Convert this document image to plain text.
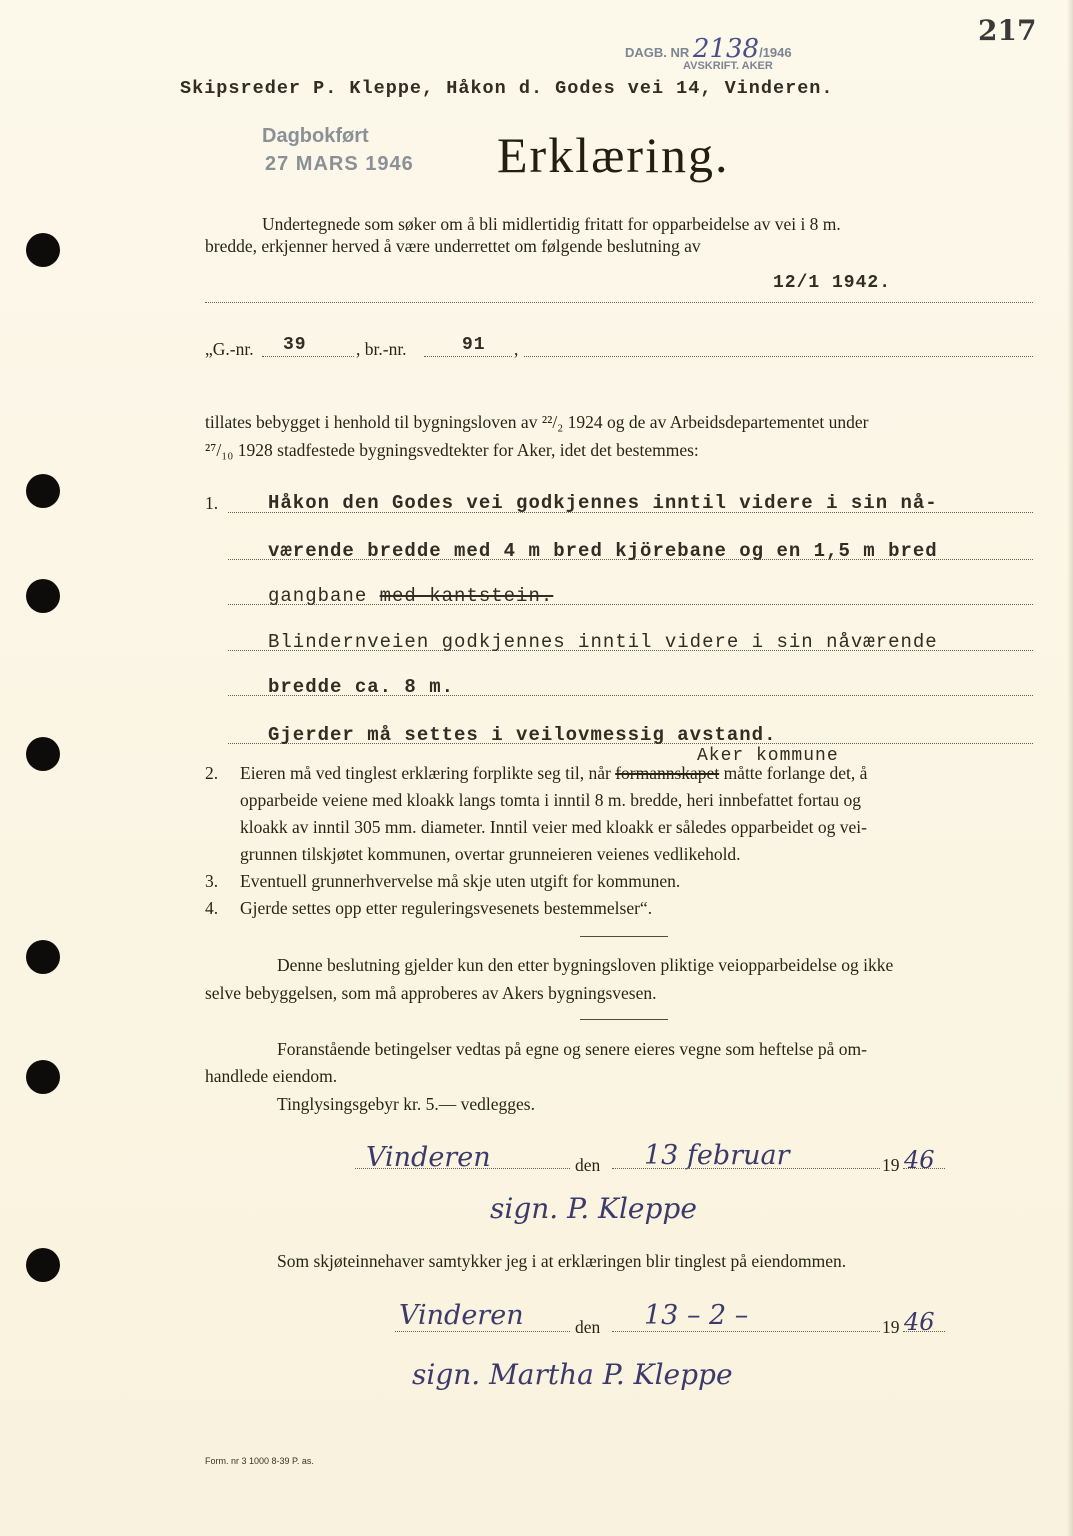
DAGB. NR 2138/1946
AVSKRIFT. AKER
217
Dagbokført
27 MARS 1946
Skipsreder P. Kleppe, Håkon d. Godes vei 14, Vinderen.
Erklæring.
Undertegnede som søker om å bli midlertidig fritatt for opparbeidelse av vei i 8 m.
bredde, erkjenner herved å være underrettet om følgende beslutning av
12/1 1942.
„G.-nr. 39	, br.-nr.	91 ,
tillates bebygget i henhold til bygningsloven av ²²/₂ 1924 og de av Arbeidsdepartementet under
²⁷/₁₀ 1928 stadfestede bygningsvedtekter for Aker, idet det bestemmes:
1.	Håkon den Godes vei godkjennes inntil videre i sin nå-
værende bredde med 4 m bred kjörebane og en 1,5 m bred
gangbane med kantstein.
Blindernveien godkjennes inntil videre i sin nåværende
bredde ca. 8 m.
Gjerder må settes i veilovmessig avstand.
Aker kommune
2. Eieren må ved tinglest erklæring forplikte seg til, når formannskapet måtte forlange det, å
opparbeide veiene med kloakk langs tomta i inntil 8 m. bredde, heri innbefattet fortau og
kloakk av inntil 305 mm. diameter. Inntil veier med kloakk er således opparbeidet og vei-
grunnen tilskjøtet kommunen, overtar grunneieren veienes vedlikehold.
3. Eventuell grunnerhvervelse må skje uten utgift for kommunen.
4. Gjerde settes opp etter reguleringsvesenets bestemmelser“.
Denne beslutning gjelder kun den etter bygningsloven pliktige veiopparbeidelse og ikke
selve bebyggelsen, som må approberes av Akers bygningsvesen.
Foranstående betingelser vedtas på egne og senere eieres vegne som heftelse på om-
handlede eiendom.
Tinglysingsgebyr kr. 5.— vedlegges.
Vinderen	den 13 februar	19 46
sign. P. Kleppe
Som skjøteinnehaver samtykker jeg i at erklæringen blir tinglest på eiendommen.
Vinderen	den 13 – 2 –	19 46
sign. Martha P. Kleppe
Form. nr 3 1000 8-39 P. as.
